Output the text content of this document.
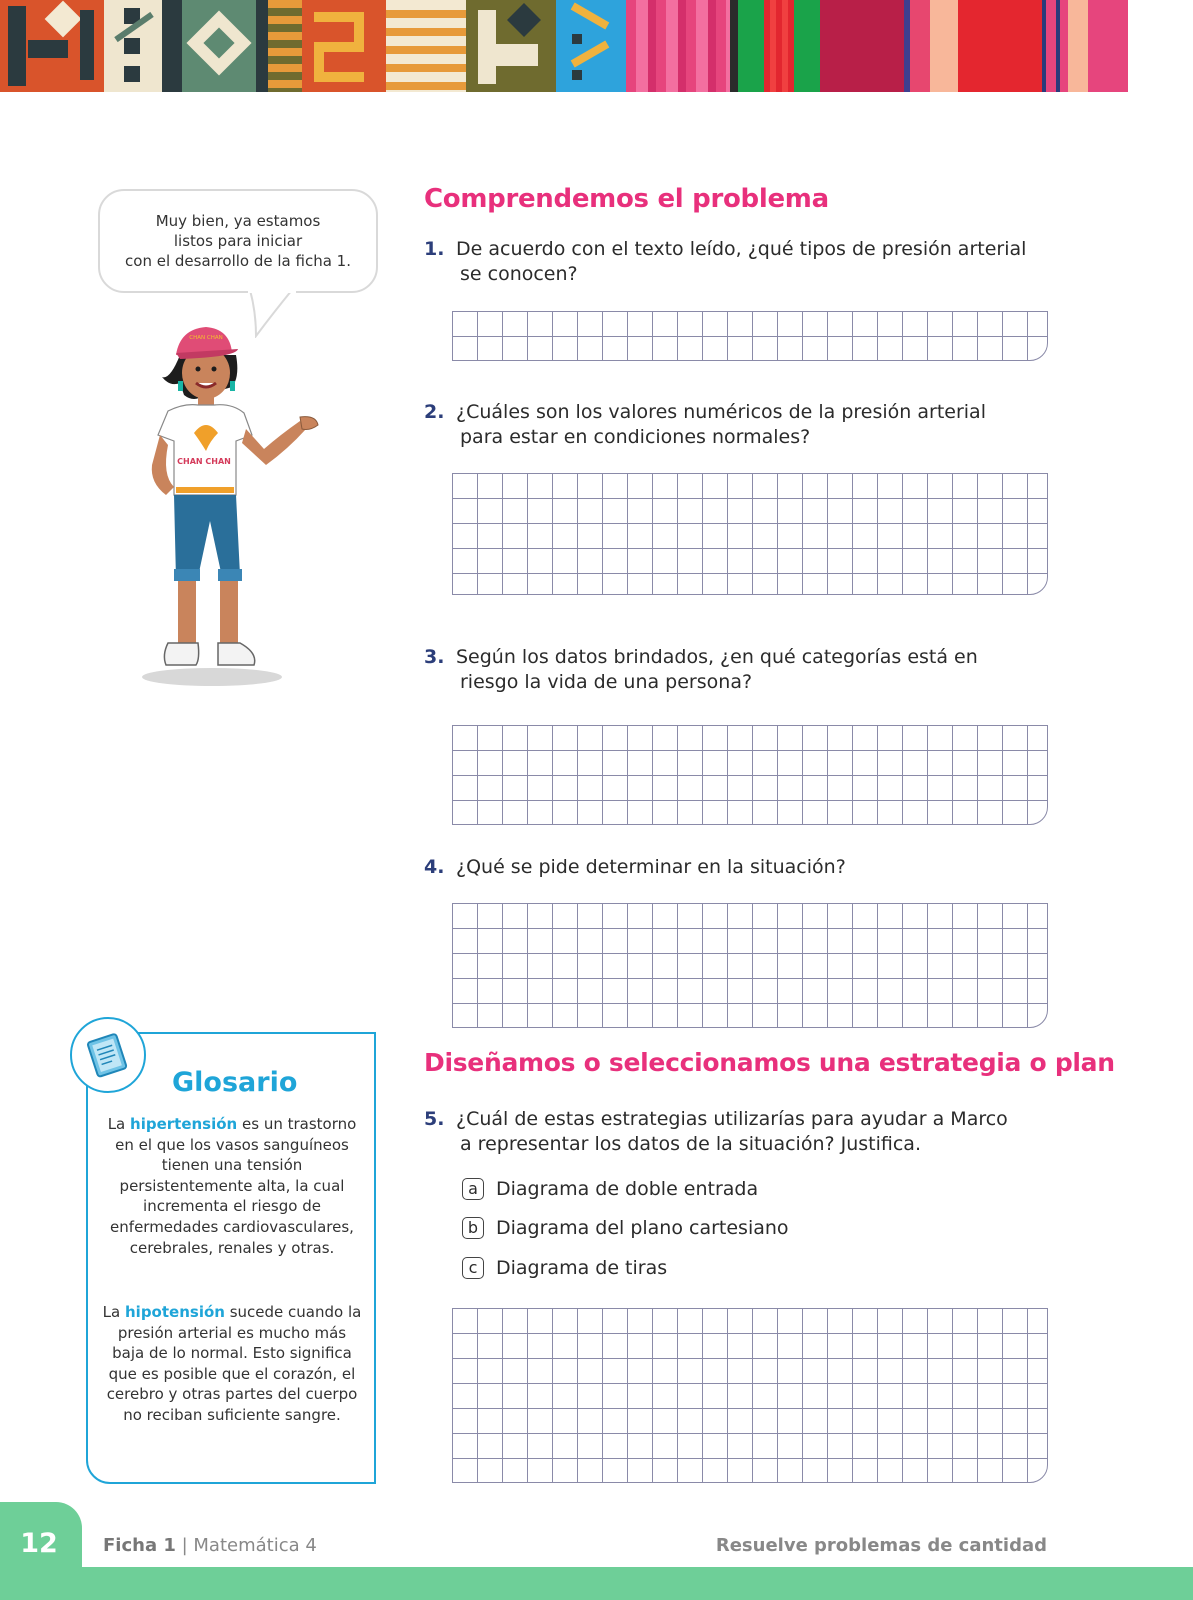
Muy bien, ya estamos
listos para iniciar
con el desarrollo de la ficha 1.
CHAN CHAN
CHAN CHAN
Comprendemos el problema
1. De acuerdo con el texto leído, ¿qué tipos de presión arterial
se conocen?
2. ¿Cuáles son los valores numéricos de la presión arterial
para estar en condiciones normales?
3. Según los datos brindados, ¿en qué categorías está en
riesgo la vida de una persona?
4. ¿Qué se pide determinar en la situación?
Diseñamos o seleccionamos una estrategia o plan
5. ¿Cuál de estas estrategias utilizarías para ayudar a Marco
a representar los datos de la situación? Justifica.
a Diagrama de doble entrada
b Diagrama del plano cartesiano
c Diagrama de tiras
Glosario
La hipertensión es un trastorno en el que los vasos sanguíneos tienen una tensión persistentemente alta, la cual incrementa el riesgo de enfermedades cardiovasculares, cerebrales, renales y otras.
La hipotensión sucede cuando la presión arterial es mucho más baja de lo normal. Esto significa que es posible que el corazón, el cerebro y otras partes del cuerpo no reciban suficiente sangre.
12	Ficha 1 | Matemática 4	Resuelve problemas de cantidad
